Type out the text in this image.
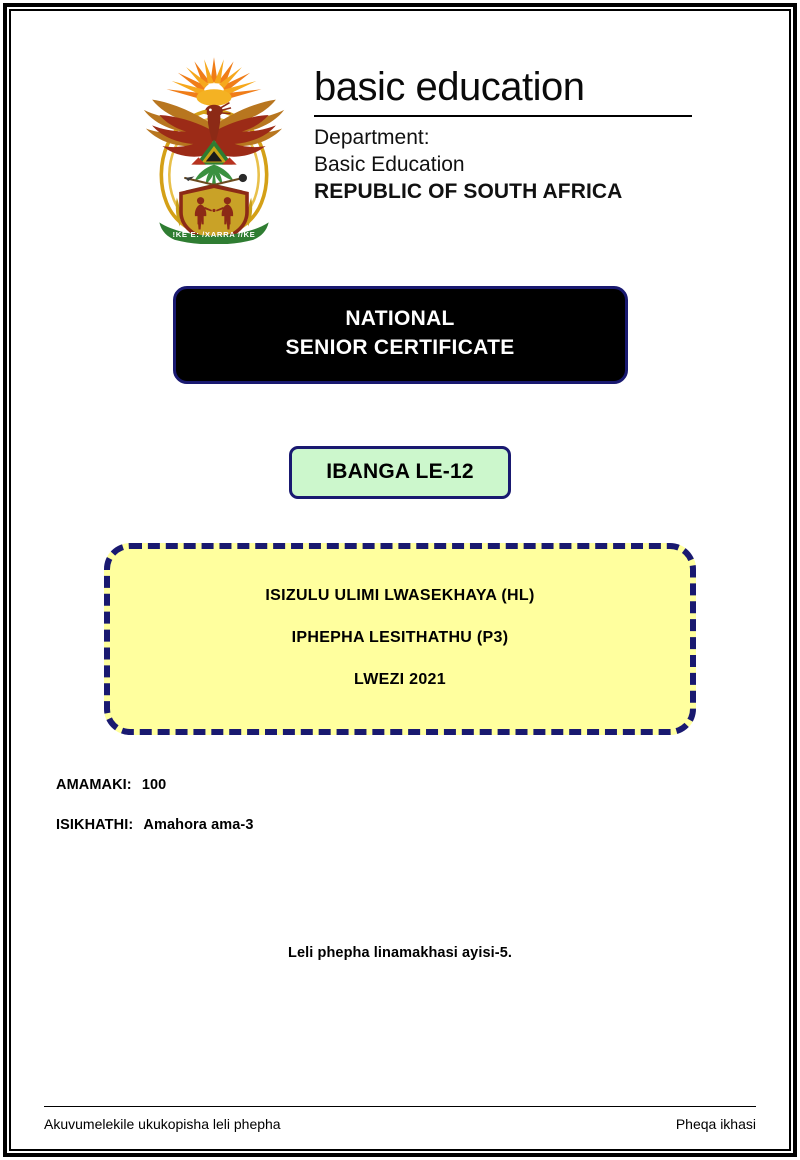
!KE E: /XARRA //KE
basic education
Department:
Basic Education
REPUBLIC OF SOUTH AFRICA
NATIONAL
SENIOR CERTIFICATE
IBANGA LE-12
ISIZULU ULIMI LWASEKHAYA (HL)
IPHEPHA LESITHATHU (P3)
LWEZI 2021
AMAMAKI: 100
ISIKHATHI: Amahora ama-3
Leli phepha linamakhasi ayisi-5.
Akuvumelekile ukukopisha leli phepha	Pheqa ikhasi
